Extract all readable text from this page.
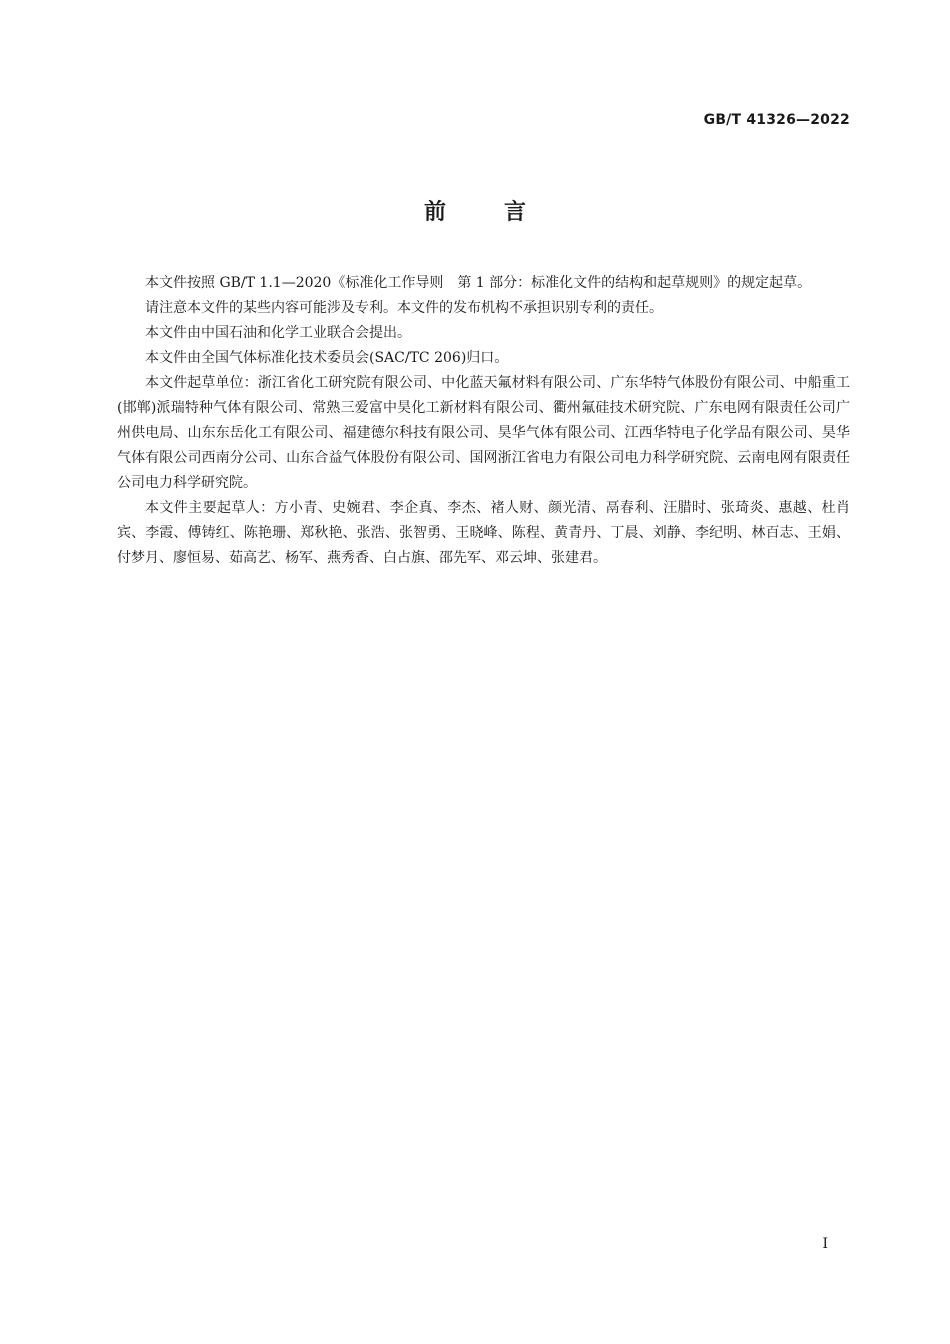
GB/T 41326—2022
前言

本文件按照 GB/T 1.1—2020《标准化工作导则　第 1 部分：标准化文件的结构和起草规则》的规定起草。

请注意本文件的某些内容可能涉及专利。本文件的发布机构不承担识别专利的责任。

本文件由中国石油和化学工业联合会提出。

本文件由全国气体标准化技术委员会(SAC/TC 206)归口。

本文件起草单位：浙江省化工研究院有限公司、中化蓝天氟材料有限公司、广东华特气体股份有限公司、中船重工(邯郸)派瑞特种气体有限公司、常熟三爱富中昊化工新材料有限公司、衢州氟硅技术研究院、广东电网有限责任公司广州供电局、山东东岳化工有限公司、福建德尔科技有限公司、昊华气体有限公司、江西华特电子化学品有限公司、昊华气体有限公司西南分公司、山东合益气体股份有限公司、国网浙江省电力有限公司电力科学研究院、云南电网有限责任公司电力科学研究院。

本文件主要起草人：方小青、史婉君、李企真、李杰、褚人财、颜光清、鬲春利、汪腊时、张琦炎、惠越、杜肖宾、李霞、傅铸红、陈艳珊、郑秋艳、张浩、张智勇、王晓峰、陈程、黄青丹、丁晨、刘静、李纪明、林百志、王娟、付梦月、廖恒易、茹高艺、杨军、燕秀香、白占旗、邵先军、邓云坤、张建君。

I
